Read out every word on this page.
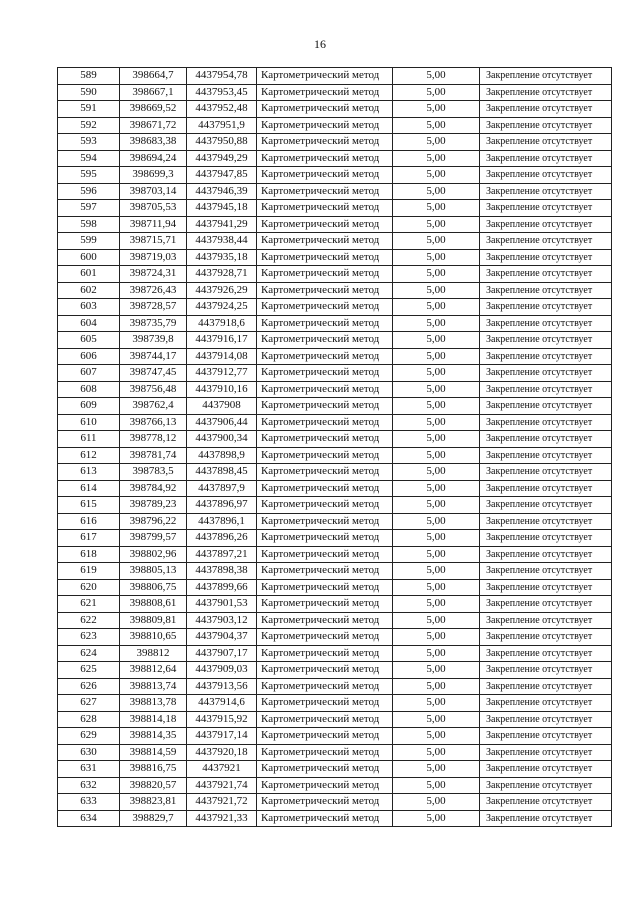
16
589	398664,7	4437954,78	Картометрический метод	5,00	Закрепление отсутствует
590	398667,1	4437953,45	Картометрический метод	5,00	Закрепление отсутствует
591	398669,52	4437952,48	Картометрический метод	5,00	Закрепление отсутствует
592	398671,72	4437951,9	Картометрический метод	5,00	Закрепление отсутствует
593	398683,38	4437950,88	Картометрический метод	5,00	Закрепление отсутствует
594	398694,24	4437949,29	Картометрический метод	5,00	Закрепление отсутствует
595	398699,3	4437947,85	Картометрический метод	5,00	Закрепление отсутствует
596	398703,14	4437946,39	Картометрический метод	5,00	Закрепление отсутствует
597	398705,53	4437945,18	Картометрический метод	5,00	Закрепление отсутствует
598	398711,94	4437941,29	Картометрический метод	5,00	Закрепление отсутствует
599	398715,71	4437938,44	Картометрический метод	5,00	Закрепление отсутствует
600	398719,03	4437935,18	Картометрический метод	5,00	Закрепление отсутствует
601	398724,31	4437928,71	Картометрический метод	5,00	Закрепление отсутствует
602	398726,43	4437926,29	Картометрический метод	5,00	Закрепление отсутствует
603	398728,57	4437924,25	Картометрический метод	5,00	Закрепление отсутствует
604	398735,79	4437918,6	Картометрический метод	5,00	Закрепление отсутствует
605	398739,8	4437916,17	Картометрический метод	5,00	Закрепление отсутствует
606	398744,17	4437914,08	Картометрический метод	5,00	Закрепление отсутствует
607	398747,45	4437912,77	Картометрический метод	5,00	Закрепление отсутствует
608	398756,48	4437910,16	Картометрический метод	5,00	Закрепление отсутствует
609	398762,4	4437908	Картометрический метод	5,00	Закрепление отсутствует
610	398766,13	4437906,44	Картометрический метод	5,00	Закрепление отсутствует
611	398778,12	4437900,34	Картометрический метод	5,00	Закрепление отсутствует
612	398781,74	4437898,9	Картометрический метод	5,00	Закрепление отсутствует
613	398783,5	4437898,45	Картометрический метод	5,00	Закрепление отсутствует
614	398784,92	4437897,9	Картометрический метод	5,00	Закрепление отсутствует
615	398789,23	4437896,97	Картометрический метод	5,00	Закрепление отсутствует
616	398796,22	4437896,1	Картометрический метод	5,00	Закрепление отсутствует
617	398799,57	4437896,26	Картометрический метод	5,00	Закрепление отсутствует
618	398802,96	4437897,21	Картометрический метод	5,00	Закрепление отсутствует
619	398805,13	4437898,38	Картометрический метод	5,00	Закрепление отсутствует
620	398806,75	4437899,66	Картометрический метод	5,00	Закрепление отсутствует
621	398808,61	4437901,53	Картометрический метод	5,00	Закрепление отсутствует
622	398809,81	4437903,12	Картометрический метод	5,00	Закрепление отсутствует
623	398810,65	4437904,37	Картометрический метод	5,00	Закрепление отсутствует
624	398812	4437907,17	Картометрический метод	5,00	Закрепление отсутствует
625	398812,64	4437909,03	Картометрический метод	5,00	Закрепление отсутствует
626	398813,74	4437913,56	Картометрический метод	5,00	Закрепление отсутствует
627	398813,78	4437914,6	Картометрический метод	5,00	Закрепление отсутствует
628	398814,18	4437915,92	Картометрический метод	5,00	Закрепление отсутствует
629	398814,35	4437917,14	Картометрический метод	5,00	Закрепление отсутствует
630	398814,59	4437920,18	Картометрический метод	5,00	Закрепление отсутствует
631	398816,75	4437921	Картометрический метод	5,00	Закрепление отсутствует
632	398820,57	4437921,74	Картометрический метод	5,00	Закрепление отсутствует
633	398823,81	4437921,72	Картометрический метод	5,00	Закрепление отсутствует
634	398829,7	4437921,33	Картометрический метод	5,00	Закрепление отсутствует
